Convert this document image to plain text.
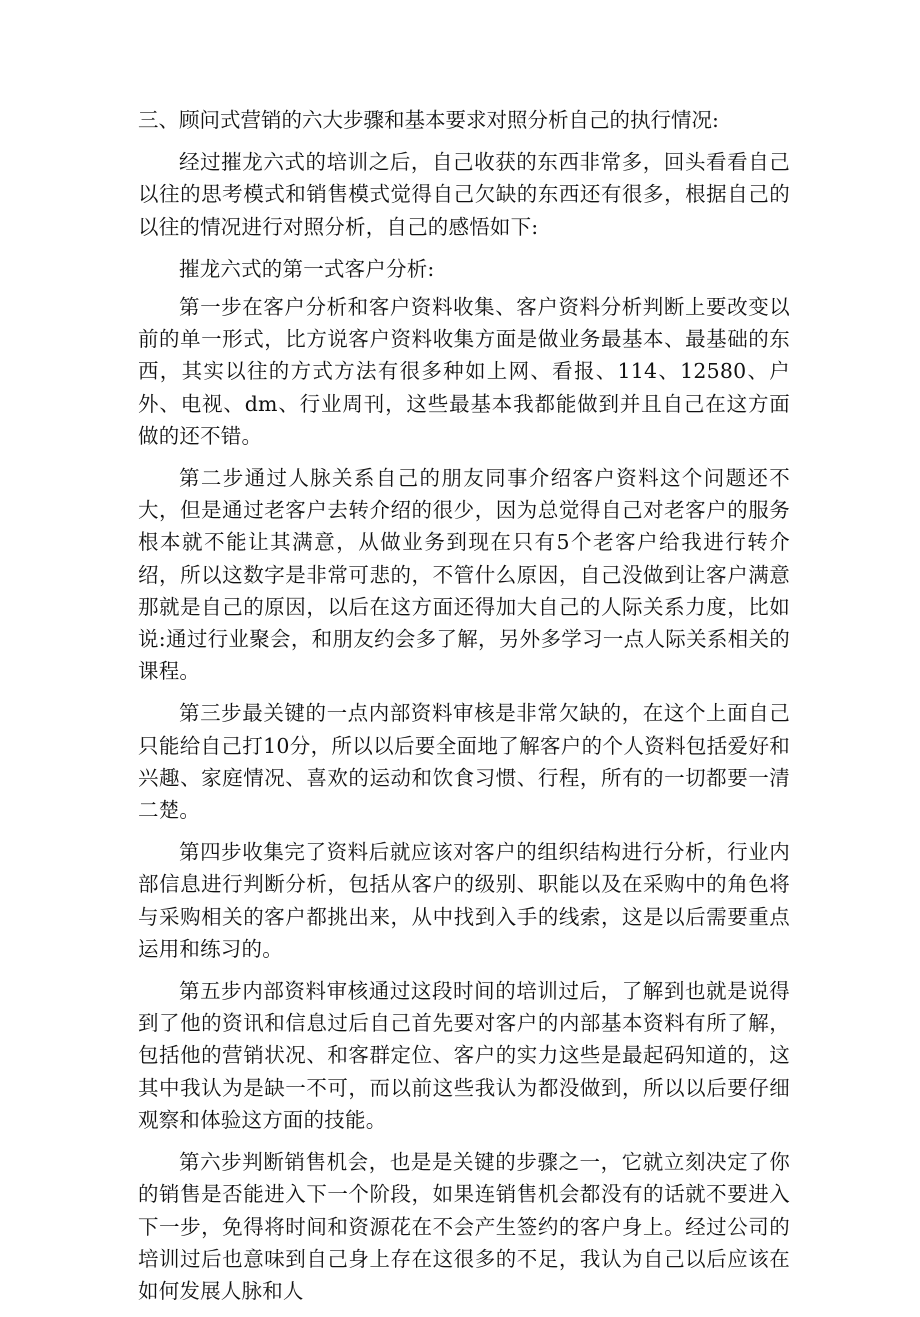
三、顾问式营销的六大步骤和基本要求对照分析自己的执行情况:

经过摧龙六式的培训之后，自己收获的东西非常多，回头看看自己以往的思考模式和销售模式觉得自己欠缺的东西还有很多，根据自己的以往的情况进行对照分析，自己的感悟如下:

摧龙六式的第一式客户分析:

第一步在客户分析和客户资料收集、客户资料分析判断上要改变以前的单一形式，比方说客户资料收集方面是做业务最基本、最基础的东西，其实以往的方式方法有很多种如上网、看报、114、12580、户外、电视、dm、行业周刊，这些最基本我都能做到并且自己在这方面做的还不错。

第二步通过人脉关系自己的朋友同事介绍客户资料这个问题还不大，但是通过老客户去转介绍的很少，因为总觉得自己对老客户的服务根本就不能让其满意，从做业务到现在只有5个老客户给我进行转介绍，所以这数字是非常可悲的，不管什么原因，自己没做到让客户满意那就是自己的原因，以后在这方面还得加大自己的人际关系力度，比如说:通过行业聚会，和朋友约会多了解，另外多学习一点人际关系相关的课程。

第三步最关键的一点内部资料审核是非常欠缺的，在这个上面自己只能给自己打10分，所以以后要全面地了解客户的个人资料包括爱好和兴趣、家庭情况、喜欢的运动和饮食习惯、行程，所有的一切都要一清二楚。

第四步收集完了资料后就应该对客户的组织结构进行分析，行业内部信息进行判断分析，包括从客户的级别、职能以及在采购中的角色将与采购相关的客户都挑出来，从中找到入手的线索，这是以后需要重点运用和练习的。

第五步内部资料审核通过这段时间的培训过后，了解到也就是说得到了他的资讯和信息过后自己首先要对客户的内部基本资料有所了解，包括他的营销状况、和客群定位、客户的实力这些是最起码知道的，这其中我认为是缺一不可，而以前这些我认为都没做到，所以以后要仔细观察和体验这方面的技能。

第六步判断销售机会，也是是关键的步骤之一，它就立刻决定了你的销售是否能进入下一个阶段，如果连销售机会都没有的话就不要进入下一步，免得将时间和资源花在不会产生签约的客户身上。经过公司的培训过后也意味到自己身上存在这很多的不足，我认为自己以后应该在如何发展人脉和人
